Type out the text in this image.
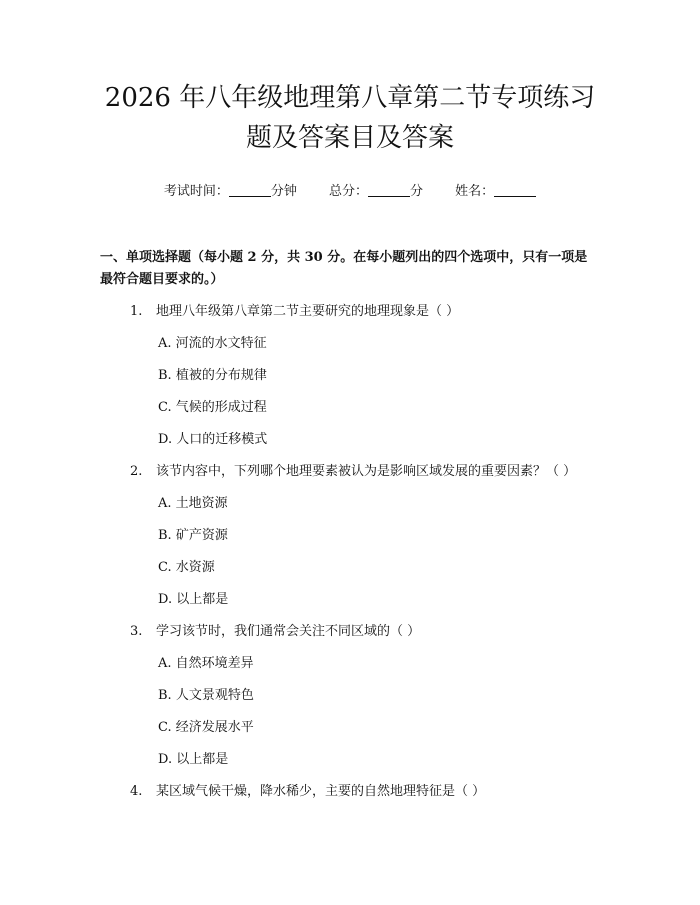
2026 年八年级地理第八章第二节专项练习题及答案目及答案
考试时间：	分钟 总分：	分 姓名：
一、单项选择题（每小题 2 分，共 30 分。在每小题列出的四个选项中，只有一项是最符合题目要求的。）
1. 地理八年级第八章第二节主要研究的地理现象是（ ）
A. 河流的水文特征
B. 植被的分布规律
C. 气候的形成过程
D. 人口的迁移模式
2. 该节内容中，下列哪个地理要素被认为是影响区域发展的重要因素？（ ）
A. 土地资源
B. 矿产资源
C. 水资源
D. 以上都是
3. 学习该节时，我们通常会关注不同区域的（ ）
A. 自然环境差异
B. 人文景观特色
C. 经济发展水平
D. 以上都是
4. 某区域气候干燥，降水稀少，主要的自然地理特征是（ ）
